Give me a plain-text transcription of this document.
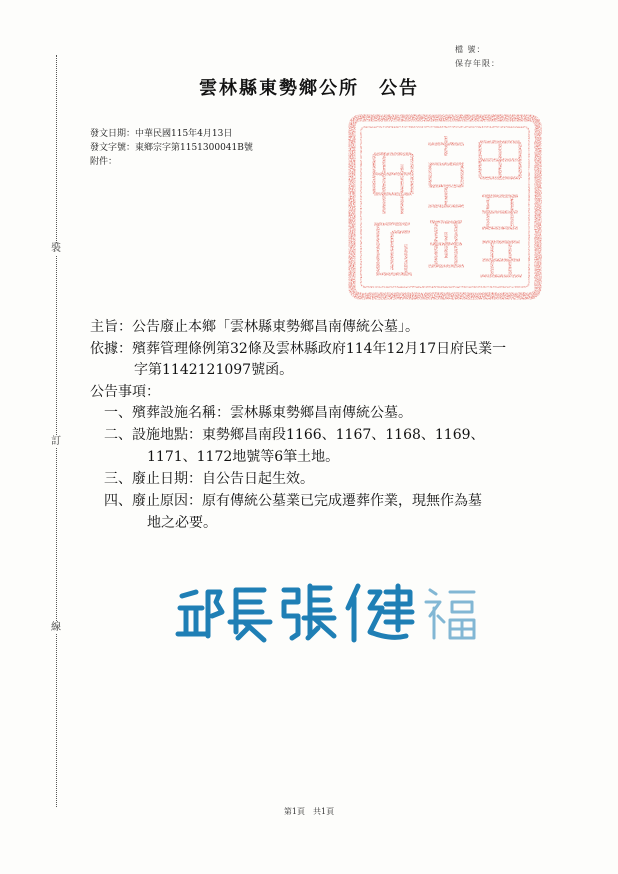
裝
訂
線
檔 號：
保存年限：
雲林縣東勢鄉公所　公告
發文日期：中華民國115年4月13日
發文字號：東鄉宗字第1151300041B號
附件：
主旨：公告廢止本鄉「雲林縣東勢鄉昌南傳統公墓」。
依據：殯葬管理條例第32條及雲林縣政府114年12月17日府民業一
字第1142121097號函。
公告事項：
一、殯葬設施名稱：雲林縣東勢鄉昌南傳統公墓。
二、設施地點：東勢鄉昌南段1166、1167、1168、1169、
1171、1172地號等6筆土地。
三、廢止日期：自公告日起生效。
四、廢止原因：原有傳統公墓業已完成遷葬作業，現無作為墓
地之必要。
第1頁　共1頁
